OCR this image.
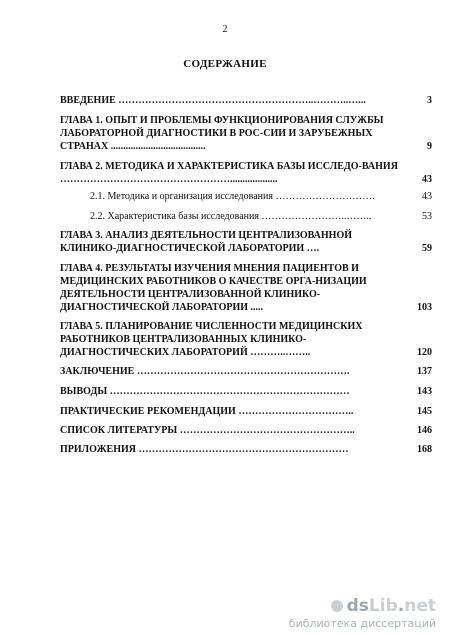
2
СОДЕРЖАНИЕ
ВВЕДЕНИЕ …………………………………………………..………..…...	3
ГЛАВА 1. ОПЫТ И ПРОБЛЕМЫ ФУНКЦИОНИРОВАНИЯ СЛУЖБЫ ЛАБОРАТОРНОЙ ДИАГНОСТИКИ В РОС-СИИ И ЗАРУБЕЖНЫХ СТРАНАХ ......................................	9
ГЛАВА 2. МЕТОДИКА И ХАРАКТЕРИСТИКА БАЗЫ ИССЛЕДО-ВАНИЯ ……………………………………………...................	43
2.1. Методика и организация исследования …………………………	43
2.2. Характеристика базы исследования ……………………..……..	53
ГЛАВА 3. АНАЛИЗ ДЕЯТЕЛЬНОСТИ ЦЕНТРАЛИЗОВАННОЙ КЛИНИКО-ДИАГНОСТИЧЕСКОЙ ЛАБОРАТОРИИ ….	59
ГЛАВА 4. РЕЗУЛЬТАТЫ ИЗУЧЕНИЯ МНЕНИЯ ПАЦИЕНТОВ И МЕДИЦИНСКИХ РАБОТНИКОВ О КАЧЕСТВЕ ОРГА-НИЗАЦИИ ДЕЯТЕЛЬНОСТИ ЦЕНТРАЛИЗОВАННОЙ КЛИНИКО-ДИАГНОСТИЧЕСКОЙ ЛАБОРАТОРИИ .....	103
ГЛАВА 5. ПЛАНИРОВАНИЕ ЧИСЛЕННОСТИ МЕДИЦИНСКИХ РАБОТНИКОВ ЦЕНТРАЛИЗОВАННЫХ КЛИНИКО-ДИАГНОСТИЧЕСКИХ ЛАБОРАТОРИЙ ………..……..	120
ЗАКЛЮЧЕНИЕ ……………………………………………………….	137
ВЫВОДЫ ………………………………………………………………	143
ПРАКТИЧЕСКИЕ РЕКОМЕНДАЦИИ ……………………………..	145
СПИСОК ЛИТЕРАТУРЫ ……………………………………………..	146
ПРИЛОЖЕНИЯ ………………………………………………………	168
ds Lib . net
библиотека диссертаций
